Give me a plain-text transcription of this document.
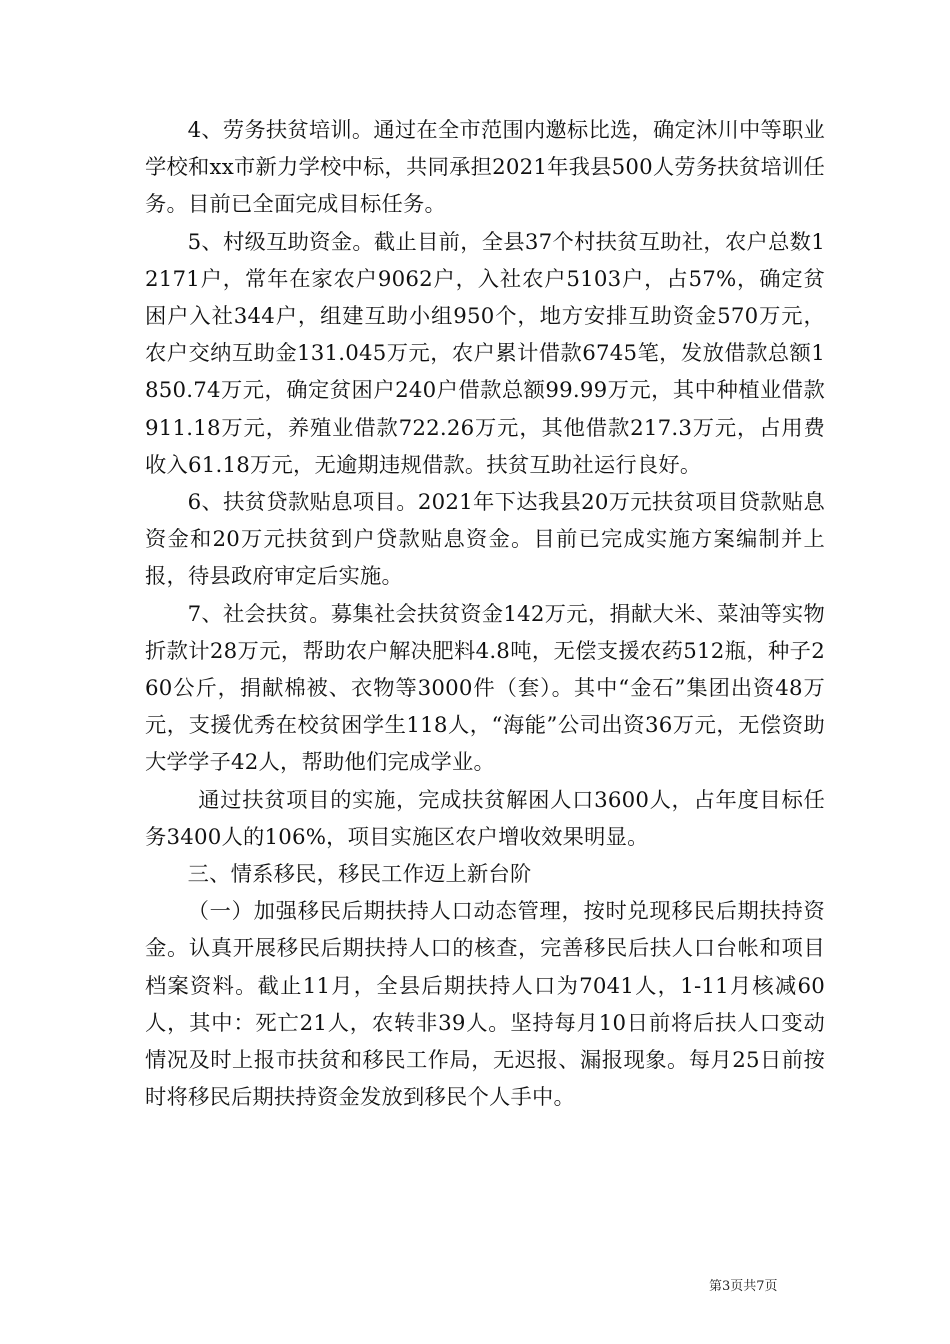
4、劳务扶贫培训。通过在全市范围内邀标比选，确定沐川中等职业学校和xx市新力学校中标，共同承担2021年我县500人劳务扶贫培训任务。目前已全面完成目标任务。

5、村级互助资金。截止目前，全县37个村扶贫互助社，农户总数12171户，常年在家农户9062户，入社农户5103户，占57%，确定贫困户入社344户，组建互助小组950个，地方安排互助资金570万元，农户交纳互助金131.045万元，农户累计借款6745笔，发放借款总额1850.74万元，确定贫困户240户借款总额99.99万元，其中种植业借款911.18万元，养殖业借款722.26万元，其他借款217.3万元，占用费收入61.18万元，无逾期违规借款。扶贫互助社运行良好。

6、扶贫贷款贴息项目。2021年下达我县20万元扶贫项目贷款贴息资金和20万元扶贫到户贷款贴息资金。目前已完成实施方案编制并上报，待县政府审定后实施。

7、社会扶贫。募集社会扶贫资金142万元，捐献大米、菜油等实物折款计28万元，帮助农户解决肥料4.8吨，无偿支援农药512瓶，种子260公斤，捐献棉被、衣物等3000件（套）。其中“金石”集团出资48万元，支援优秀在校贫困学生118人，“海能”公司出资36万元，无偿资助大学学子42人，帮助他们完成学业。

通过扶贫项目的实施，完成扶贫解困人口3600人，占年度目标任务3400人的106%，项目实施区农户增收效果明显。

三、情系移民，移民工作迈上新台阶

（一）加强移民后期扶持人口动态管理，按时兑现移民后期扶持资金。认真开展移民后期扶持人口的核查，完善移民后扶人口台帐和项目档案资料。截止11月，全县后期扶持人口为7041人，1-11月核减60人，其中：死亡21人，农转非39人。坚持每月10日前将后扶人口变动情况及时上报市扶贫和移民工作局，无迟报、漏报现象。每月25日前按时将移民后期扶持资金发放到移民个人手中。

第3页共7页
